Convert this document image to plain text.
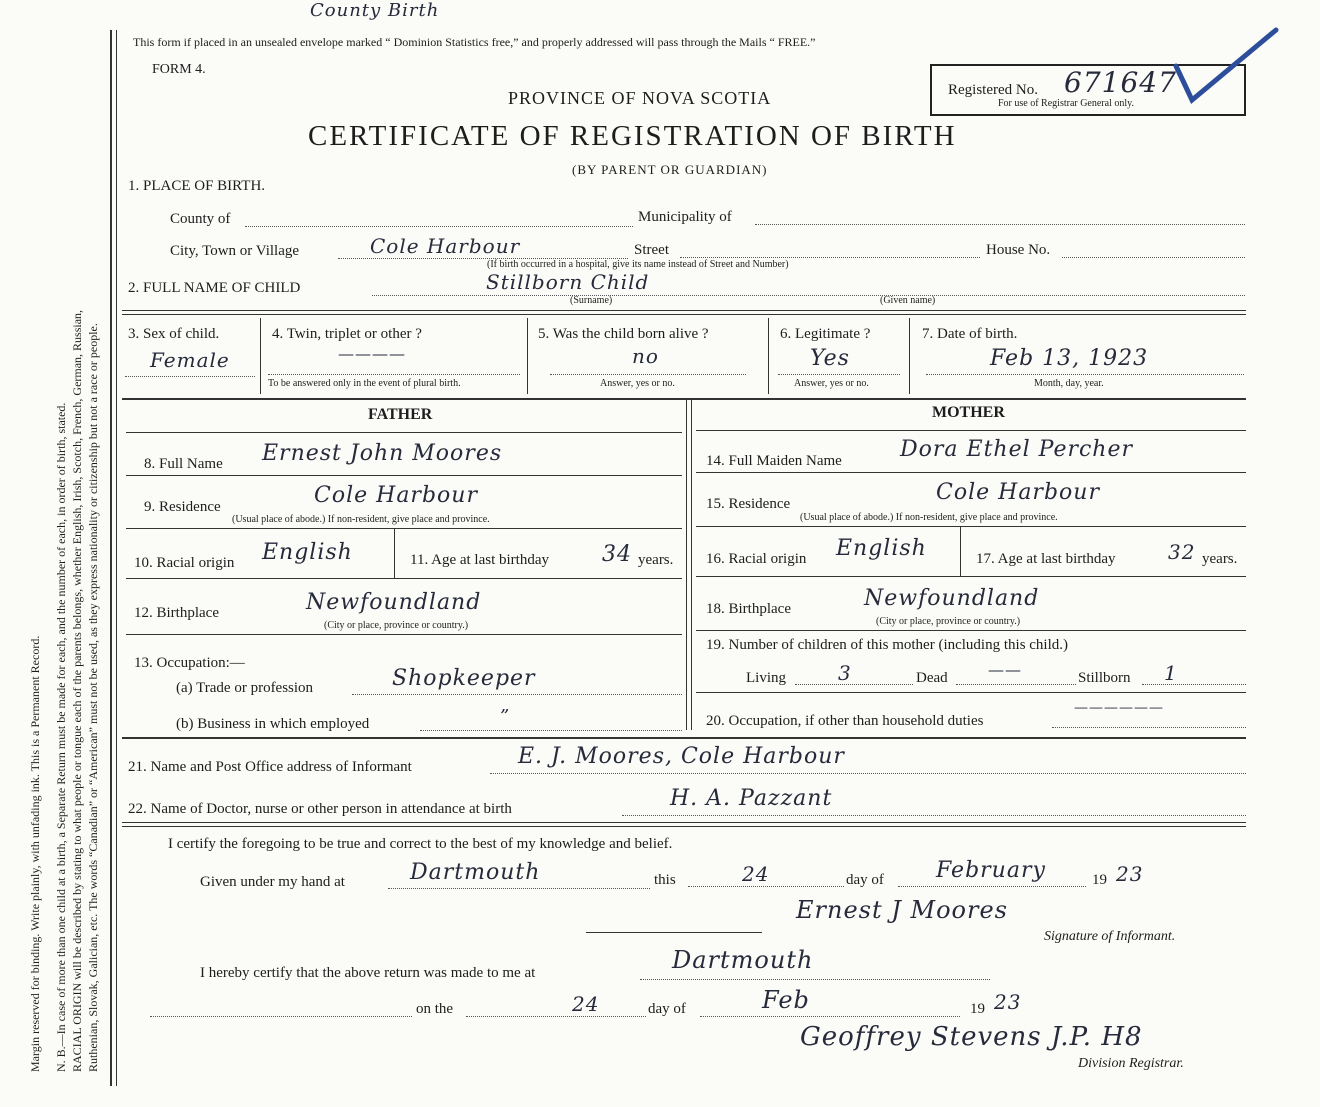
Margin reserved for binding. Write plainly, with unfading ink. This is a Permanent Record. N. B.—In case of more than one child at a birth, a Separate Return must be made for each, and the number of each, in order of birth, stated. RACIAL ORIGIN will be described by stating to what people or tongue each of the parents belongs, whether English, Irish, Scotch, French, German, Russian, Ruthenian, Slovak, Galician, etc. The words “Canadian” or “American” must not be used, as they express nationality or citizenship but not a race or people.
County Birth
This form if placed in an unsealed envelope marked “ Dominion Statistics free,” and properly addressed will pass through the Mails “ FREE.”
FORM 4.
PROVINCE OF NOVA SCOTIA
CERTIFICATE OF REGISTRATION OF BIRTH
(BY PARENT OR GUARDIAN)
Registered No. 671647
For use of Registrar General only.
1. PLACE OF BIRTH.
County of	Municipality of
City, Town or Village	Cole Harbour	Street	House No.
(If birth occurred in a hospital, give its name instead of Street and Number)
2. FULL NAME OF CHILD	Stillborn Child
(Surname)	(Given name)
3. Sex of child.
Female
4. Twin, triplet or other ?
————
To be answered only in the event of plural birth.
5. Was the child born alive ?
no
Answer, yes or no.
6. Legitimate ?
Yes
Answer, yes or no.
7. Date of birth.
Feb 13, 1923
Month, day, year.
FATHER	MOTHER
8. Full Name Ernest John Moores
9. Residence	Cole Harbour
(Usual place of abode.) If non-resident, give place and province.
10. Racial origin English	11. Age at last birthday 34 years.
12. Birthplace	Newfoundland
(City or place, province or country.)
13. Occupation:—
(a) Trade or profession	Shopkeeper
(b) Business in which employed	”
14. Full Maiden Name	Dora Ethel Percher
15. Residence	Cole Harbour
(Usual place of abode.) If non-resident, give place and province.
16. Racial origin English	17. Age at last birthday	32 years.
18. Birthplace	Newfoundland
(City or place, province or country.)
19. Number of children of this mother (including this child.)
Living	3	Dead	——	Stillborn 1
20. Occupation, if other than household duties
——————
21. Name and Post Office address of Informant	E. J. Moores, Cole Harbour
22. Name of Doctor, nurse or other person in attendance at birth	H. A. Pazzant
I certify the foregoing to be true and correct to the best of my knowledge and belief.
Given under my hand at	Dartmouth	this	24	day of February	19 23
Ernest J Moores
Signature of Informant.
I hereby certify that the above return was made to me at	Dartmouth
on the	24	day of	Feb	19 23
Geoffrey Stevens J.P. H8
Division Registrar.
